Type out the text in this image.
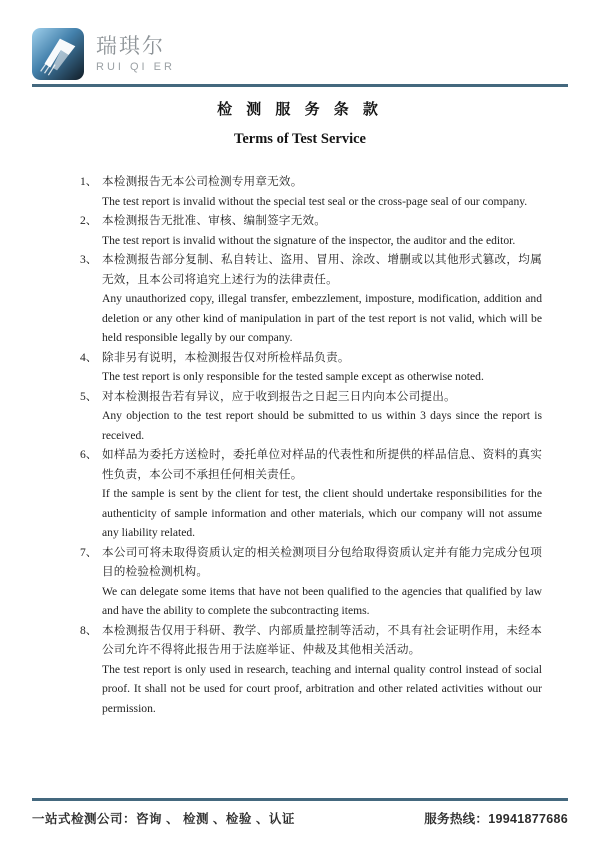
瑞琪尔
RUI QI ER
检 测 服 务 条 款
Terms of Test Service
1、 本检测报告无本公司检测专用章无效。

The test report is invalid without the special test seal or the cross-page seal of our company.

2、 本检测报告无批准、审核、编制签字无效。

The test report is invalid without the signature of the inspector, the auditor and the editor.

3、 本检测报告部分复制、私自转让、盗用、冒用、涂改、增删或以其他形式篡改，均属无效，且本公司将追究上述行为的法律责任。

Any unauthorized copy, illegal transfer, embezzlement, imposture, modification, addition and deletion or any other kind of manipulation in part of the test report is not valid, which will be held responsible legally by our company.

4、 除非另有说明，本检测报告仅对所检样品负责。

The test report is only responsible for the tested sample except as otherwise noted.

5、 对本检测报告若有异议，应于收到报告之日起三日内向本公司提出。

Any objection to the test report should be submitted to us within 3 days since the report is received.

6、 如样品为委托方送检时，委托单位对样品的代表性和所提供的样品信息、资料的真实性负责，本公司不承担任何相关责任。

If the sample is sent by the client for test, the client should undertake responsibilities for the authenticity of sample information and other materials, which our company will not assume any liability related.

7、 本公司可将未取得资质认定的相关检测项目分包给取得资质认定并有能力完成分包项目的检验检测机构。

We can delegate some items that have not been qualified to the agencies that qualified by law and have the ability to complete the subcontracting items.

8、 本检测报告仅用于科研、教学、内部质量控制等活动，不具有社会证明作用，未经本公司允许不得将此报告用于法庭举证、仲裁及其他相关活动。

The test report is only used in research, teaching and internal quality control instead of social proof. It shall not be used for court proof, arbitration and other related activities without our permission.

一站式检测公司：咨询 、 检测 、检验 、认证	服务热线：19941877686
